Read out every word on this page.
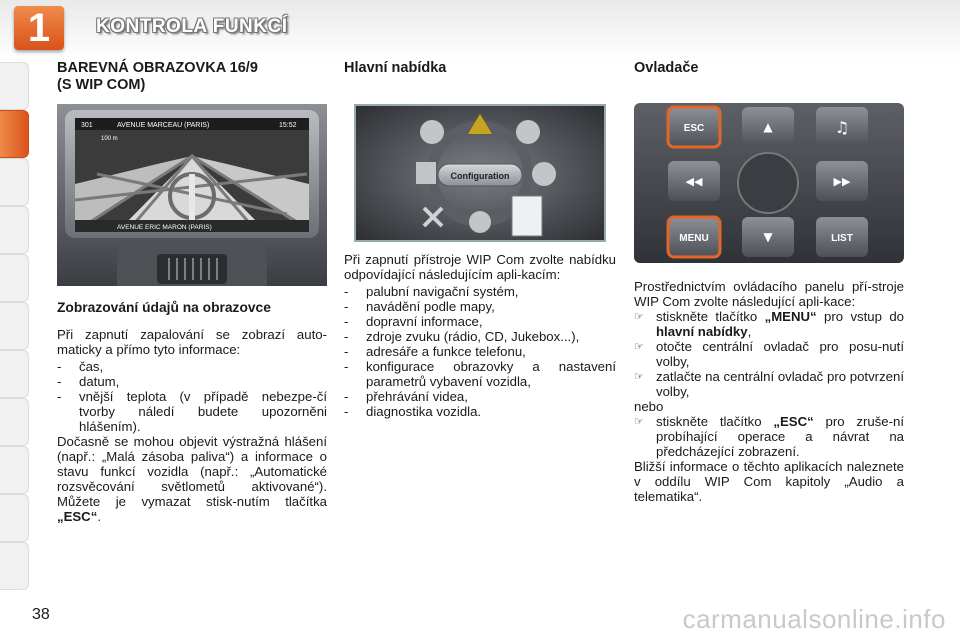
1	KONTROLA FUNKCÍ
BAREVNÁ OBRAZOVKA 16/9
(S WIP COM)
301	AVENUE MARCEAU (PARIS)	15:52
100 m
AVENUE ERIC MARON (PARIS)
Zobrazování údajů na obrazovce

Při zapnutí zapalování se zobrazí auto-maticky a přímo tyto informace:

-	čas,
-	datum,
-	vnější teplota (v případě nebezpe-čí tvorby náledí budete upozorněni hlášením).

Dočasně se mohou objevit výstražná hlášení (např.: „Malá zásoba paliva“) a informace o stavu funkcí vozidla (např.: „Automatické rozsvěcování světlometů aktivované“). Můžete je vymazat stisk-nutím tlačítka „ESC“.

Hlavní nabídka
Configuration

Při zapnutí přístroje WIP Com zvolte nabídku odpovídající následujícím apli-kacím:

-	palubní navigační systém,
-	navádění podle mapy,
-	dopravní informace,
-	zdroje zvuku (rádio, CD, Jukebox...),
-	adresáře a funkce telefonu,
-	konfigurace obrazovky a nastavení parametrů vybavení vozidla,
-	přehrávání videa,
-	diagnostika vozidla.
Ovladače
ESC	▲	♫
◀◀	▶▶
MENU	▼	LIST

Prostřednictvím ovládacího panelu pří-stroje WIP Com zvolte následující apli-kace:

☞ stiskněte tlačítko „MENU“ pro vstup do hlavní nabídky,
☞ otočte centrální ovladač pro posu-nutí volby,
☞ zatlačte na centrální ovladač pro potvrzení volby,

nebo

☞ stiskněte tlačítko „ESC“ pro zruše-ní probíhající operace a návrat na předcházející zobrazení.

Bližší informace o těchto aplikacích naleznete v oddílu WIP Com kapitoly „Audio a telematika“.

38	carmanualsonline.info
